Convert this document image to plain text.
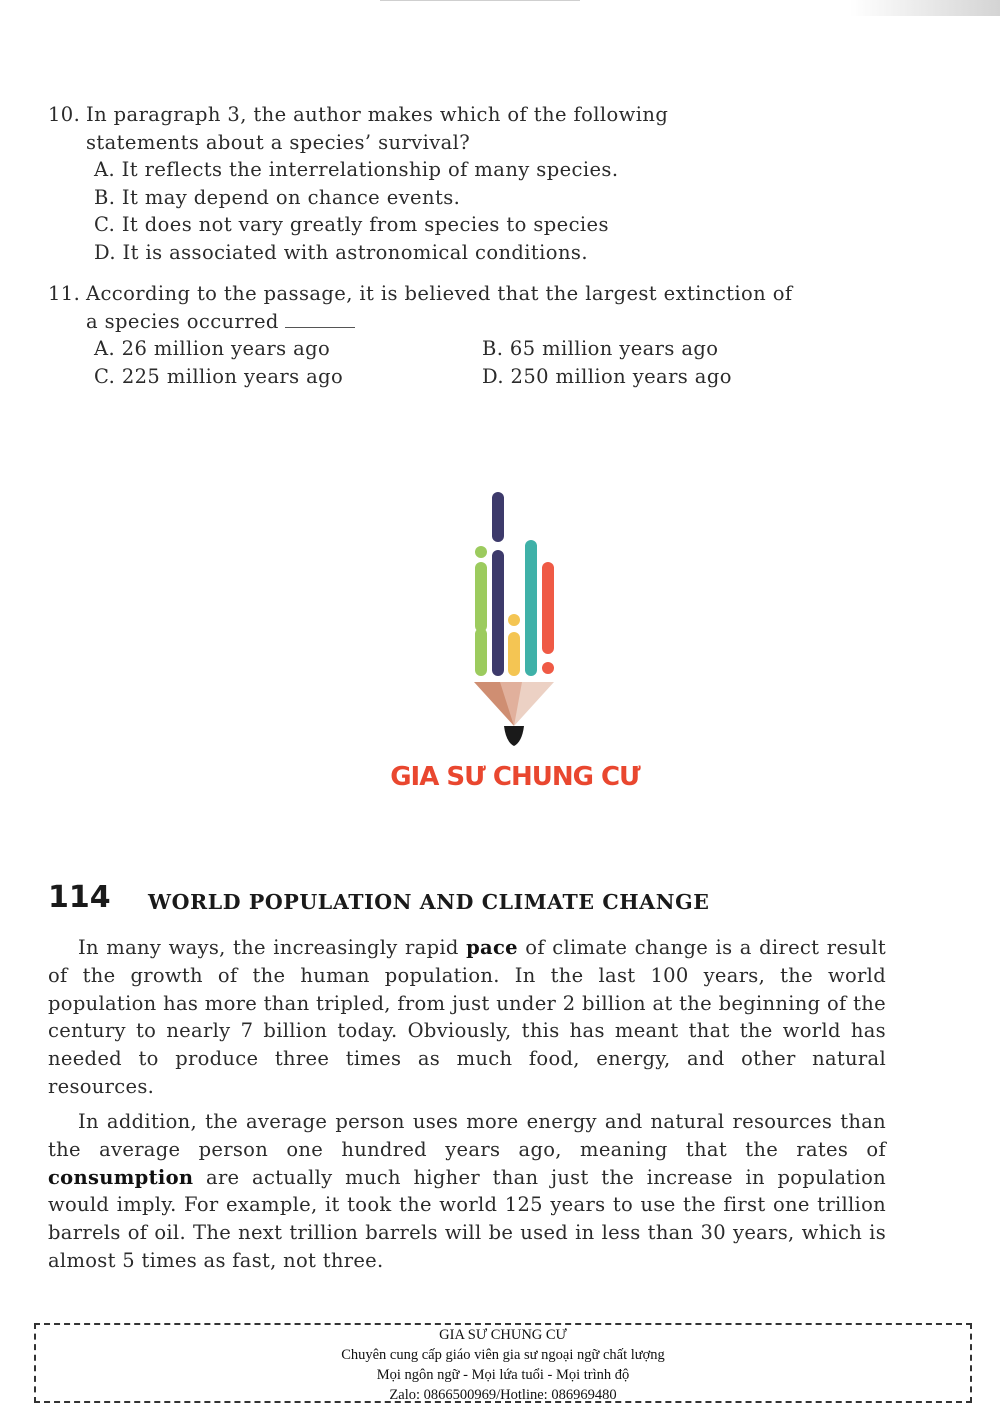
10. In paragraph 3, the author makes which of the following
statements about a species’ survival?
A. It reflects the interrelationship of many species.
B. It may depend on chance events.
C. It does not vary greatly from species to species
D. It is associated with astronomical conditions.
11. According to the passage, it is believed that the largest extinction of
a species occurred
A. 26 million years ago	B. 65 million years ago
C. 225 million years ago	D. 250 million years ago
GIA SƯ CHUNG CƯ
114 WORLD POPULATION AND CLIMATE CHANGE
In many ways, the increasingly rapid pace of climate change is a direct result of the growth of the human population. In the last 100 years, the world population has more than tripled, from just under 2 billion at the beginning of the century to nearly 7 billion today. Obviously, this has meant that the world has needed to produce three times as much food, energy, and other natural resources.
In addition, the average person uses more energy and natural resources than the average person one hundred years ago, meaning that the rates of consumption are actually much higher than just the increase in population would imply. For example, it took the world 125 years to use the first one trillion barrels of oil. The next trillion barrels will be used in less than 30 years, which is almost 5 times as fast, not three.
GIA SƯ CHUNG CƯ
Chuyên cung cấp giáo viên gia sư ngoại ngữ chất lượng
Mọi ngôn ngữ - Mọi lứa tuổi - Mọi trình độ
Zalo: 0866500969/Hotline: 086969480
